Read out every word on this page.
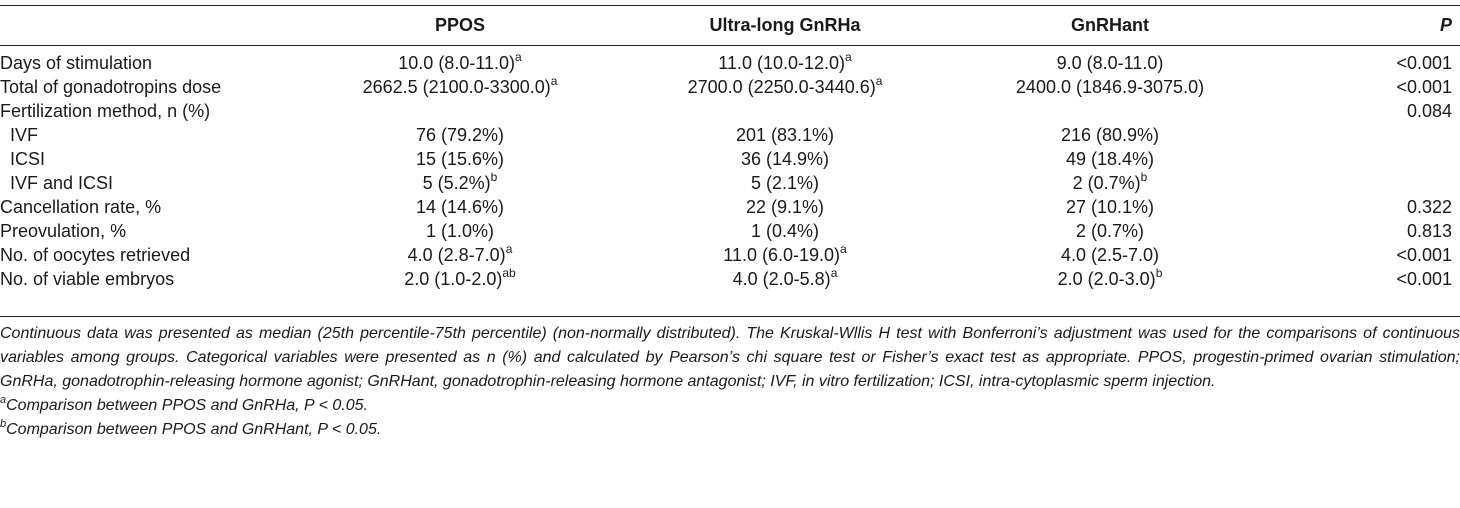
	PPOS	Ultra-long GnRHa	GnRHant	P
Days of stimulation	10.0 $(8.0-11.0)^a$	11.0 $(10.0-12.0)^a$	9.0 (8.0-11.0)	<0.001
Total of gonadotropins dose	2662.5 $(2100.0-3300.0)^a$	2700.0 $(2250.0-3440.6)^a$	2400.0 (1846.9-3075.0)	<0.001
Fertilization method, n (%)				0.084
IVF	76 (79.2%)	201 (83.1%)	216 (80.9%)	
ICSI	15 (15.6%)	36 (14.9%)	49 (18.4%)	
IVF and ICSI	5 $(5.2\%)^b$	5 (2.1%)	2 $(0.7\%)^b$	
Cancellation rate, %	14 (14.6%)	22 (9.1%)	27 (10.1%)	0.322
Preovulation, %	1 (1.0%)	1 (0.4%)	2 (0.7%)	0.813
No. of oocytes retrieved	4.0 $(2.8-7.0)^a$	11.0 $(6.0-19.0)^a$	4.0 (2.5-7.0)	<0.001
No. of viable embryos	2.0 $(1.0-2.0)^{ab}$	4.0 $(2.0-5.8)^a$	2.0 $(2.0-3.0)^b$	<0.001

Continuous data was presented as median (25th percentile-75th percentile) (non-normally distributed). The Kruskal-Wllis H test with Bonferroni’s adjustment was used for the comparisons of continuous variables among groups. Categorical variables were presented as n (%) and calculated by Pearson’s chi square test or Fisher’s exact test as appropriate. PPOS, progestin-primed ovarian stimulation; GnRHa, gonadotrophin-releasing hormone agonist; GnRHant, gonadotrophin-releasing hormone antagonist; IVF, in vitro fertilization; ICSI, intra-cytoplasmic sperm injection.

$^a$Comparison between PPOS and GnRHa, P < 0.05.

$^b$Comparison between PPOS and GnRHant, P < 0.05.
